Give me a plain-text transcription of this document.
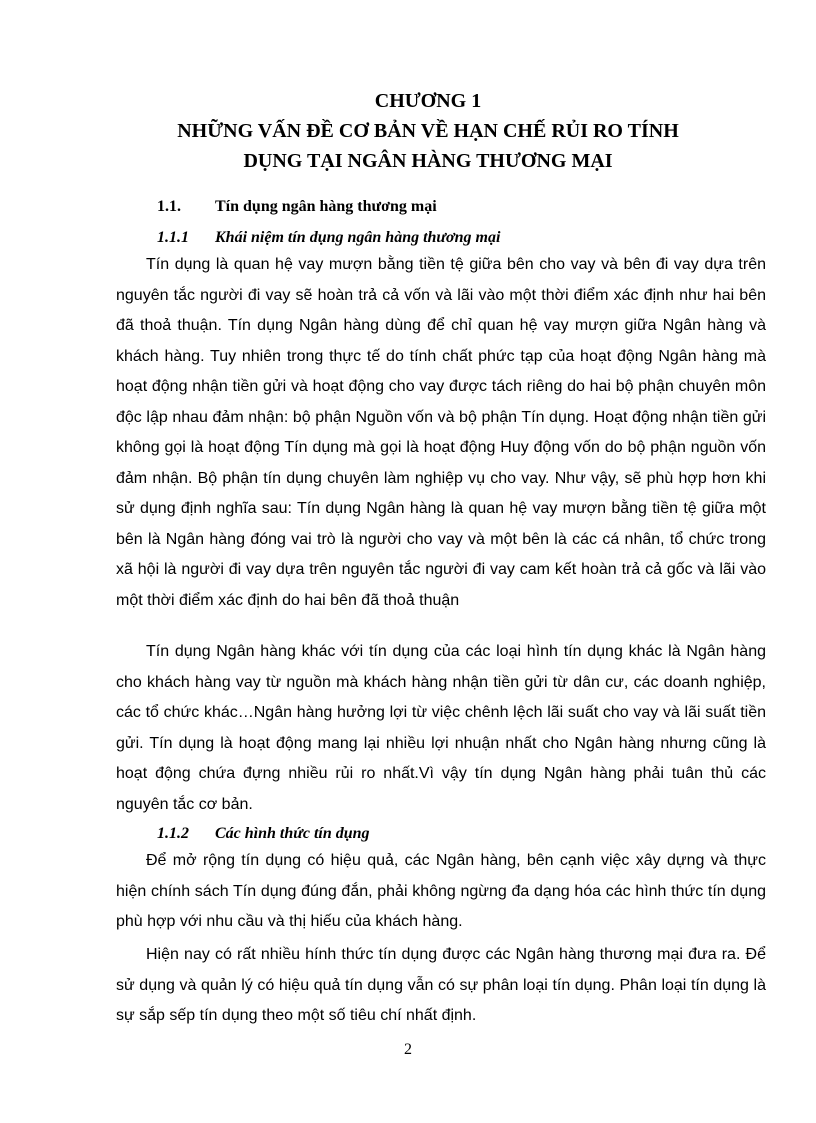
CHƯƠNG 1
NHỮNG VẤN ĐỀ CƠ BẢN VỀ HẠN CHẾ RỦI RO TÍNH
DỤNG TẠI NGÂN HÀNG THƯƠNG MẠI
1.1. Tín dụng ngân hàng thương mại
1.1.1 Khái niệm tín dụng ngân hàng thương mại

Tín dụng là quan hệ vay mượn bằng tiền tệ giữa bên cho vay và bên đi vay dựa trên nguyên tắc người đi vay sẽ hoàn trả cả vốn và lãi vào một thời điểm xác định như hai bên đã thoả thuận. Tín dụng Ngân hàng dùng để chỉ quan hệ vay mượn giữa Ngân hàng và khách hàng. Tuy nhiên trong thực tế do tính chất phức tạp của hoạt động Ngân hàng mà hoạt động nhận tiền gửi và hoạt động cho vay được tách riêng do hai bộ phận chuyên môn độc lập nhau đảm nhận: bộ phận Nguồn vốn và bộ phận Tín dụng. Hoạt động nhận tiền gửi không gọi là hoạt động Tín dụng mà gọi là hoạt động Huy động vốn do bộ phận nguồn vốn đảm nhận. Bộ phận tín dụng chuyên làm nghiệp vụ cho vay. Như vậy, sẽ phù hợp hơn khi sử dụng định nghĩa sau: Tín dụng Ngân hàng là quan hệ vay mượn bằng tiền tệ giữa một bên là Ngân hàng đóng vai trò là người cho vay và một bên là các cá nhân, tổ chức trong xã hội là người đi vay dựa trên nguyên tắc người đi vay cam kết hoàn trả cả gốc và lãi vào một thời điểm xác định do hai bên đã thoả thuận

Tín dụng Ngân hàng khác với tín dụng của các loại hình tín dụng khác là Ngân hàng cho khách hàng vay từ nguồn mà khách hàng nhận tiền gửi từ dân cư, các doanh nghiệp, các tổ chức khác…Ngân hàng hưởng lợi từ việc chênh lệch lãi suất cho vay và lãi suất tiền gửi. Tín dụng là hoạt động mang lại nhiều lợi nhuận nhất cho Ngân hàng nhưng cũng là hoạt động chứa đựng nhiều rủi ro nhất.Vì vậy tín dụng Ngân hàng phải tuân thủ các nguyên tắc cơ bản.

1.1.2 Các hình thức tín dụng

Để mở rộng tín dụng có hiệu quả, các Ngân hàng, bên cạnh việc xây dựng và thực hiện chính sách Tín dụng đúng đắn, phải không ngừng đa dạng hóa các hình thức tín dụng phù hợp với nhu cầu và thị hiếu của khách hàng.

Hiện nay có rất nhiều hính thức tín dụng được các Ngân hàng thương mại đưa ra. Để sử dụng và quản lý có hiệu quả tín dụng vẫn có sự phân loại tín dụng. Phân loại tín dụng là sự sắp sếp tín dụng theo một số tiêu chí nhất định.

2
